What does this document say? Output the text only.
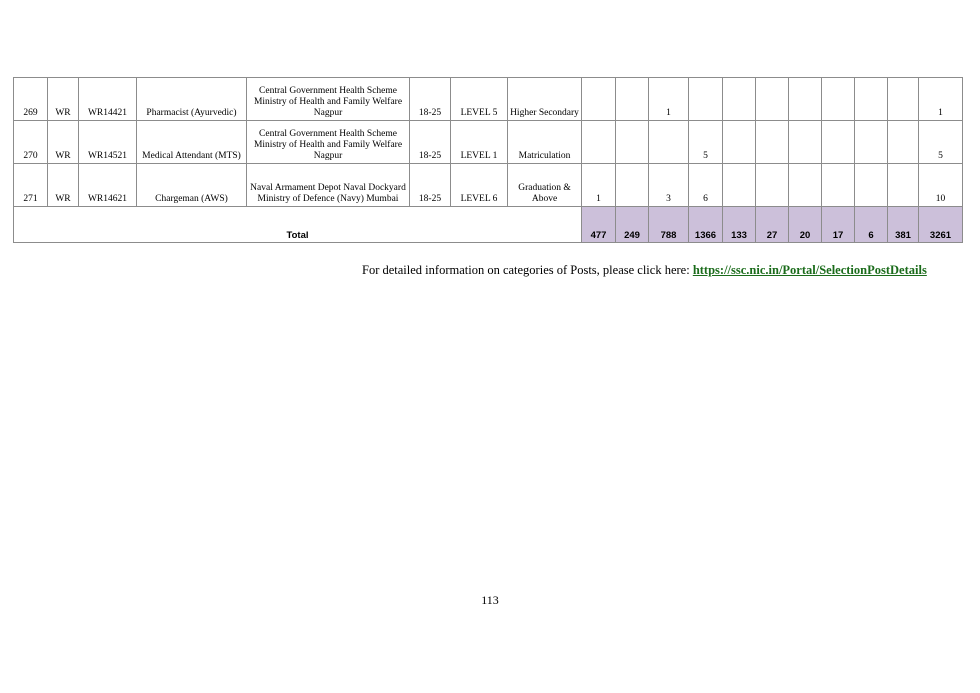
269	WR	WR14421	Pharmacist (Ayurvedic)	Central Government Health Scheme Ministry of Health and Family Welfare Nagpur	18-25	LEVEL 5	Higher Secondary			1								1
270	WR	WR14521	Medical Attendant (MTS)	Central Government Health Scheme Ministry of Health and Family Welfare Nagpur	18-25	LEVEL 1	Matriculation				5							5
271	WR	WR14621	Chargeman (AWS)	Naval Armament Depot Naval Dockyard Ministry of Defence (Navy) Mumbai	18-25	LEVEL 6	Graduation & Above	1		3	6							10
Total								477	249	788	1366	133	27	20	17	6	381	3261
For detailed information on categories of Posts, please click here: https://ssc.nic.in/Portal/SelectionPostDetails
113
